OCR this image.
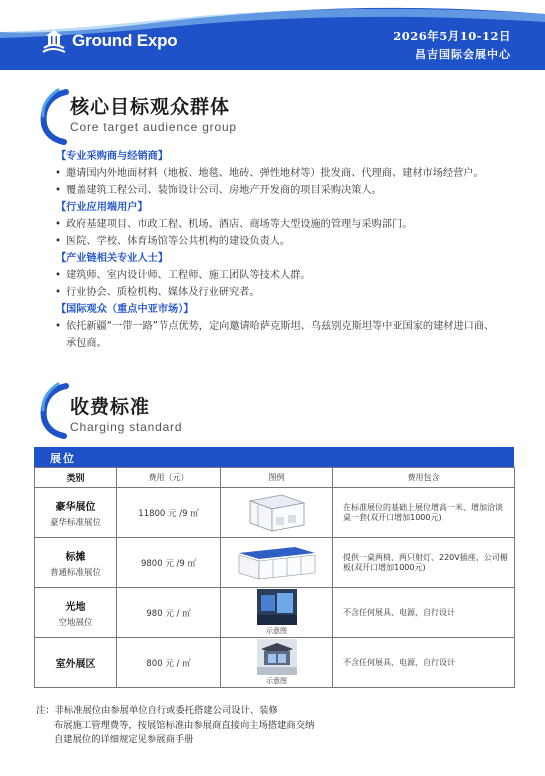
Ground Expo	2026年5月10-12日
昌吉国际会展中心
核心目标观众群体
Core target audience group
【专业采购商与经销商】
• 邀请国内外地面材料（地板、地毯、地砖、弹性地材等）批发商、代理商、建材市场经营户。
• 覆盖建筑工程公司、装饰设计公司、房地产开发商的项目采购决策人。
【行业应用端用户】
• 政府基建项目、市政工程、机场、酒店、商场等大型设施的管理与采购部门。
• 医院、学校、体育场馆等公共机构的建设负责人。
【产业链相关专业人士】
• 建筑师、室内设计师、工程师、施工团队等技术人群。
• 行业协会、质检机构、媒体及行业研究者。
【国际观众（重点中亚市场）】
• 依托新疆“一带一路”节点优势，定向邀请哈萨克斯坦、乌兹别克斯坦等中亚国家的建材进口商、承包商。
收费标准
Charging standard
展位
类别	费用（元）	图例	费用包含

豪华展位
豪华标准展位	11800 元 /9 ㎡		在标准展位的基础上展位增高一米、增加洽谈桌一套(双开口增加1000元)

标摊
普通标准展位	9800 元 /9 ㎡		提供一桌两椅、两只射灯、220V插座、公司楣板(双开口增加1000元)

光地
空地展位	980 元 / ㎡	示意图	不含任何展具、电源，自行设计

室外展区	800 元 / ㎡	示意图	不含任何展具、电源，自行设计
注：非标准展位由参展单位自行或委托搭建公司设计、装修
布展施工管理费等，按展馆标准由参展商直接向主场搭建商交纳
自建展位的详细规定见参展商手册
